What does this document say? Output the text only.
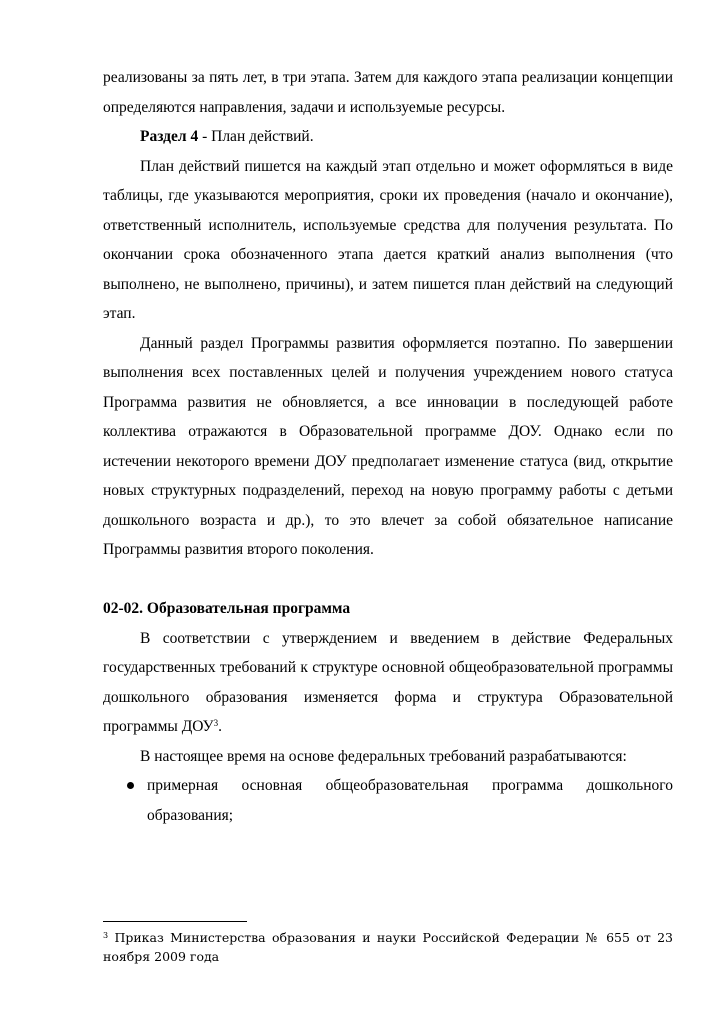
реализованы за пять лет, в три этапа. Затем для каждого этапа реализации концепции определяются направления, задачи и используемые ресурсы.

Раздел 4 - План действий.

План действий пишется на каждый этап отдельно и может оформляться в виде таблицы, где указываются мероприятия, сроки их проведения (начало и окончание), ответственный исполнитель, используемые средства для получения результата. По окончании срока обозначенного этапа дается краткий анализ выполнения (что выполнено, не выполнено, причины), и затем пишется план действий на следующий этап.

Данный раздел Программы развития оформляется поэтапно. По завершении выполнения всех поставленных целей и получения учреждением нового статуса Программа развития не обновляется, а все инновации в последующей работе коллектива отражаются в Образовательной программе ДОУ. Однако если по истечении некоторого времени ДОУ предполагает изменение статуса (вид, открытие новых структурных подразделений, переход на новую программу работы с детьми дошкольного возраста и др.), то это влечет за собой обязательное написание Программы развития второго поколения.

02-02. Образовательная программа

В соответствии с утверждением и введением в действие Федеральных государственных требований к структуре основной общеобразовательной программы дошкольного образования изменяется форма и структура Образовательной программы ДОУ$^3$.

В настоящее время на основе федеральных требований разрабатываются:

примерная основная общеобразовательная программа дошкольного образования;
$^3$ Приказ Министерства образования и науки Российской Федерации № 655 от 23 ноября 2009 года
